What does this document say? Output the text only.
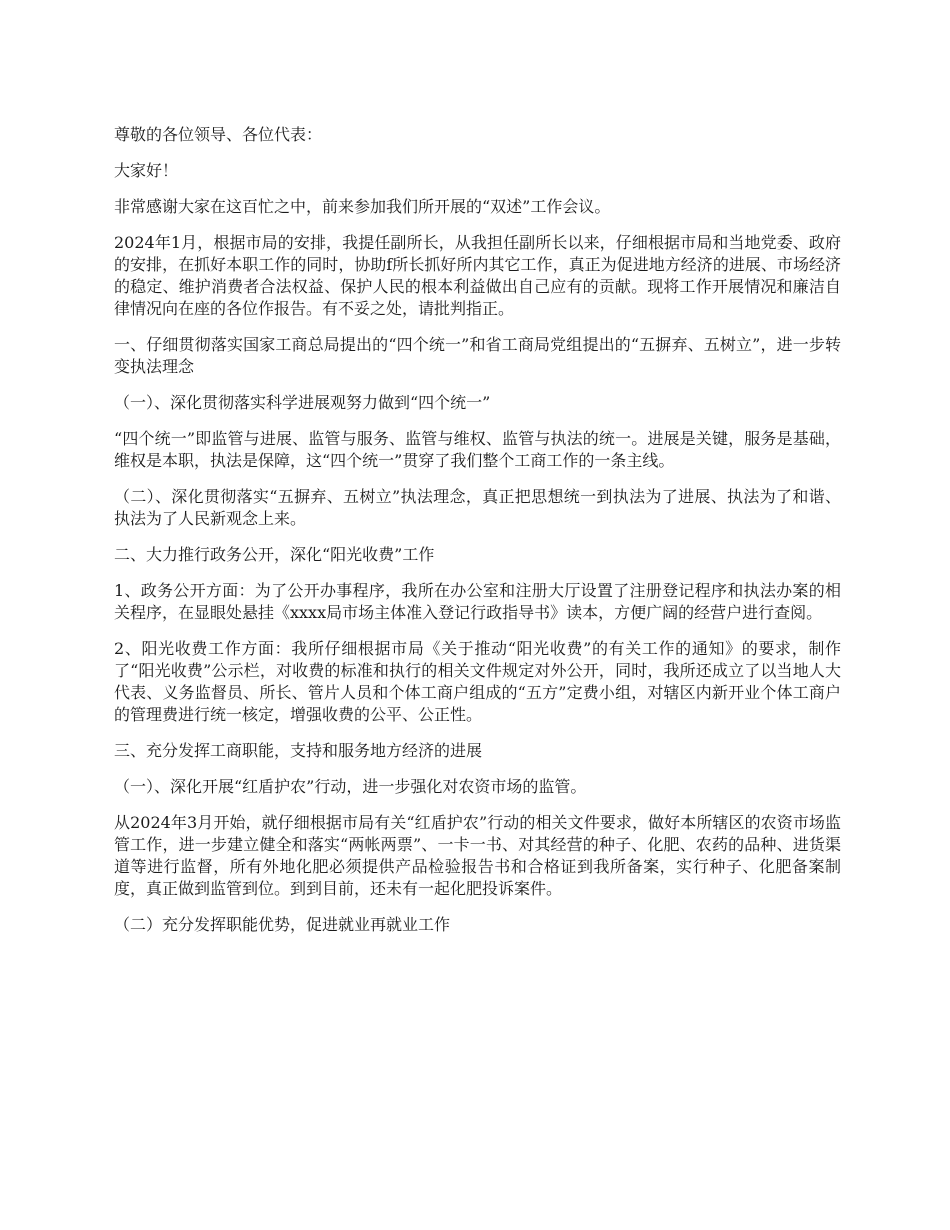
尊敬的各位领导、各位代表：

大家好！

非常感谢大家在这百忙之中，前来参加我们所开展的“双述”工作会议。

2024年1月，根据市局的安排，我提任副所长，从我担任副所长以来，仔细根据市局和当地党委、政府的安排，在抓好本职工作的同时，协助f所长抓好所内其它工作，真正为促进地方经济的进展、市场经济的稳定、维护消费者合法权益、保护人民的根本利益做出自己应有的贡献。现将工作开展情况和廉洁自律情况向在座的各位作报告。有不妥之处，请批判指正。

一、仔细贯彻落实国家工商总局提出的“四个统一”和省工商局党组提出的“五摒弃、五树立”，进一步转变执法理念

（一）、深化贯彻落实科学进展观努力做到“四个统一”

“四个统一”即监管与进展、监管与服务、监管与维权、监管与执法的统一。进展是关键，服务是基础，维权是本职，执法是保障，这“四个统一”贯穿了我们整个工商工作的一条主线。

（二）、深化贯彻落实“五摒弃、五树立”执法理念，真正把思想统一到执法为了进展、执法为了和谐、执法为了人民新观念上来。

二、大力推行政务公开，深化“阳光收费”工作

1、政务公开方面：为了公开办事程序，我所在办公室和注册大厅设置了注册登记程序和执法办案的相关程序，在显眼处悬挂《xxxx局市场主体准入登记行政指导书》读本，方便广阔的经营户进行查阅。

2、阳光收费工作方面：我所仔细根据市局《关于推动“阳光收费”的有关工作的通知》的要求，制作了“阳光收费”公示栏，对收费的标准和执行的相关文件规定对外公开，同时，我所还成立了以当地人大代表、义务监督员、所长、管片人员和个体工商户组成的“五方”定费小组，对辖区内新开业个体工商户的管理费进行统一核定，增强收费的公平、公正性。

三、充分发挥工商职能，支持和服务地方经济的进展

（一）、深化开展“红盾护农”行动，进一步强化对农资市场的监管。

从2024年3月开始，就仔细根据市局有关“红盾护农”行动的相关文件要求，做好本所辖区的农资市场监管工作，进一步建立健全和落实“两帐两票”、一卡一书、对其经营的种子、化肥、农药的品种、进货渠道等进行监督，所有外地化肥必须提供产品检验报告书和合格证到我所备案，实行种子、化肥备案制度，真正做到监管到位。到到目前，还未有一起化肥投诉案件。

（二）充分发挥职能优势，促进就业再就业工作
